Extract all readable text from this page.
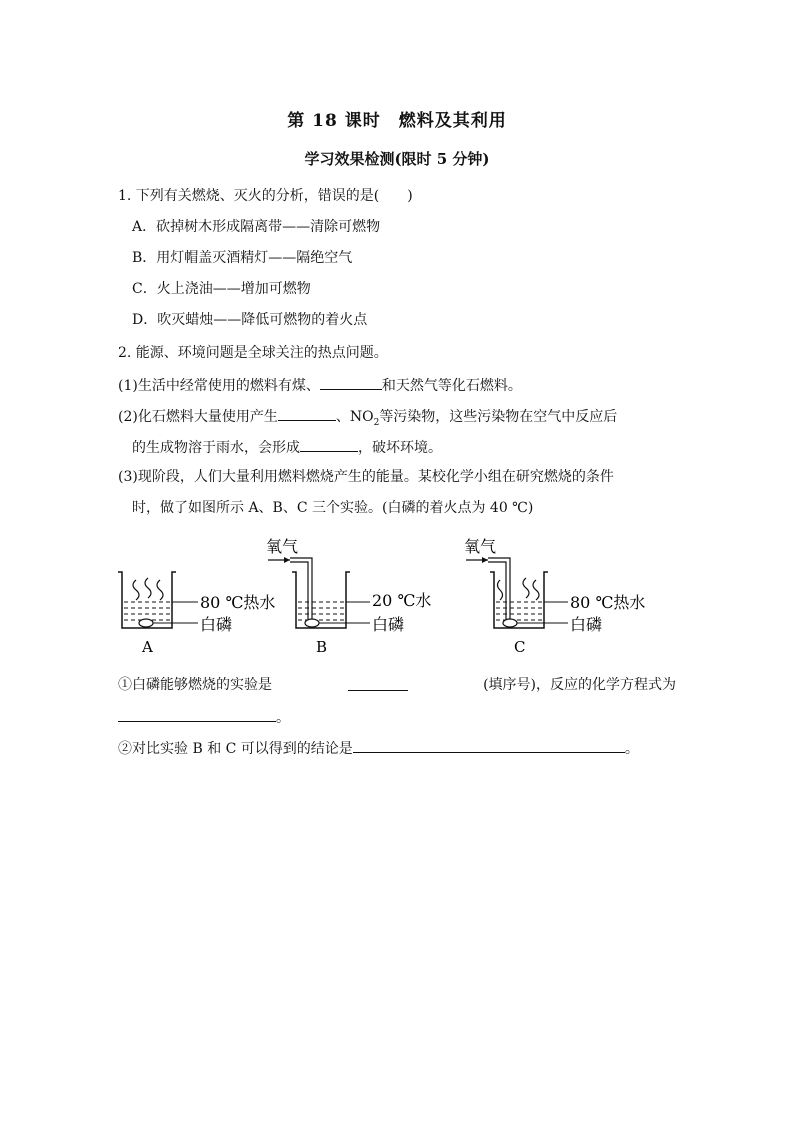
第 18 课时　燃料及其利用
学习效果检测(限时 5 分钟)
1. 下列有关燃烧、灭火的分析，错误的是(　　)
A．砍掉树木形成隔离带——清除可燃物
B．用灯帽盖灭酒精灯——隔绝空气
C．火上浇油——增加可燃物
D．吹灭蜡烛——降低可燃物的着火点
2. 能源、环境问题是全球关注的热点问题。
(1)生活中经常使用的燃料有煤、	和天然气等化石燃料。
(2)化石燃料大量使用产生	、$NO_2$等污染物，这些污染物在空气中反应后
的生成物溶于雨水，会形成	，破坏环境。
(3)现阶段，人们大量利用燃料燃烧产生的能量。某校化学小组在研究燃烧的条件
时，做了如图所示 A、B、C 三个实验。(白磷的着火点为 40 ℃)
80 ℃热水
白磷
A
氧气
20 ℃水
白磷
B
氧气
80 ℃热水
白磷
C
①白磷能够燃烧的实验是	(填序号)，反应的化学方程式为
。
②对比实验 B 和 C 可以得到的结论是	。
